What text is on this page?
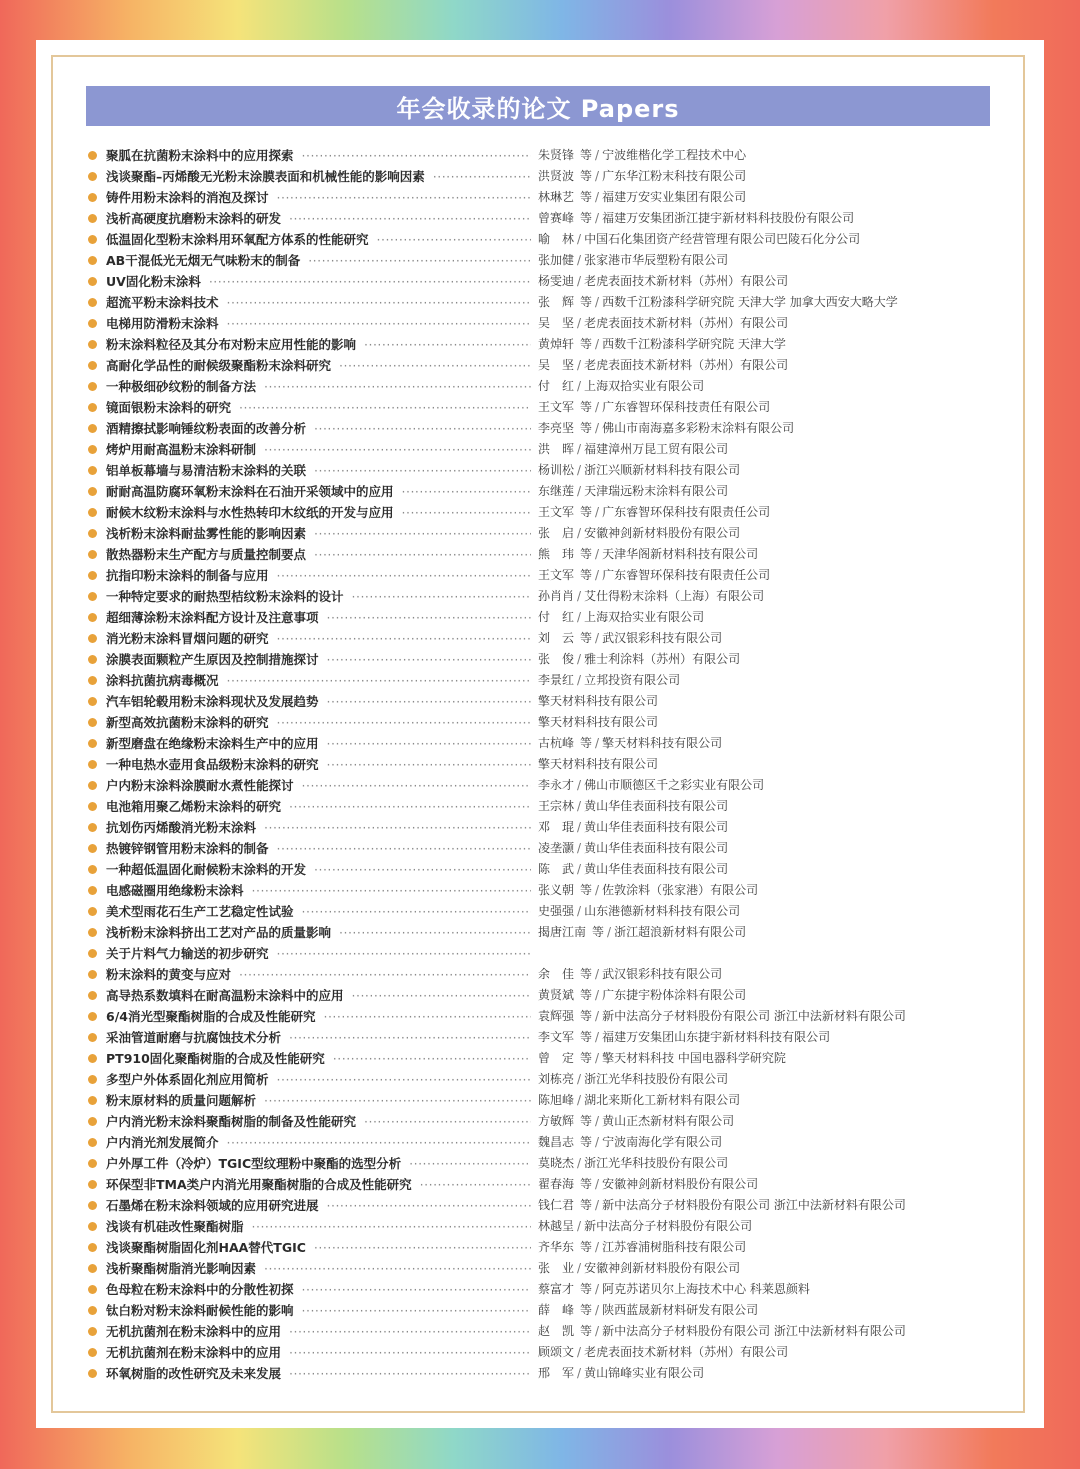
年会收录的论文 Papers
聚胍在抗菌粉末涂料中的应用探索 ·····	朱贤锋 等 / 宁波维楷化学工程技术中心
浅谈聚酯–丙烯酸无光粉末涂膜表面和机械性能的影响因素 ·····	洪贤波 等 / 广东华江粉末科技有限公司
铸件用粉末涂料的消泡及探讨 ·····	林琳艺 等 / 福建万安实业集团有限公司
浅析高硬度抗磨粉末涂料的研发 ·····	曾赛峰 等 / 福建万安集团浙江捷宇新材料科技股份有限公司
低温固化型粉末涂料用环氧配方体系的性能研究 ·····	喻　林 / 中国石化集团资产经营管理有限公司巴陵石化分公司
AB干混低光无烟无气味粉末的制备 ·····	张加健 / 张家港市华辰塑粉有限公司
UV固化粉末涂料 ·····	杨雯迪 / 老虎表面技术新材料（苏州）有限公司
超流平粉末涂料技术 ·····	张　辉 等 / 西数千江粉漆科学研究院 天津大学 加拿大西安大略大学
电梯用防滑粉末涂料 ·····	吴　坚 / 老虎表面技术新材料（苏州）有限公司
粉末涂料粒径及其分布对粉末应用性能的影响 ·····	黄焯轩 等 / 西数千江粉漆科学研究院 天津大学
高耐化学品性的耐候级聚酯粉末涂料研究 ·····	吴　坚 / 老虎表面技术新材料（苏州）有限公司
一种极细砂纹粉的制备方法 ·····	付　红 / 上海双拾实业有限公司
镜面银粉末涂料的研究 ·····	王文军 等 / 广东睿智环保科技责任有限公司
酒精擦拭影响锤纹粉表面的改善分析 ·····	李亮坚 等 / 佛山市南海嘉多彩粉末涂料有限公司
烤炉用耐高温粉末涂料研制 ·····	洪　晖 / 福建漳州万昆工贸有限公司
铝单板幕墙与易清洁粉末涂料的关联 ·····	杨训松 / 浙江兴顺新材料科技有限公司
耐耐高温防腐环氧粉末涂料在石油开采领域中的应用 ·····	东继莲 / 天津瑞远粉末涂料有限公司
耐候木纹粉末涂料与水性热转印木纹纸的开发与应用 ·····	王文军 等 / 广东睿智环保科技有限责任公司
浅析粉末涂料耐盐雾性能的影响因素 ·····	张　启 / 安徽神剑新材料股份有限公司
散热器粉末生产配方与质量控制要点 ·····	熊　玮 等 / 天津华阁新材料科技有限公司
抗指印粉末涂料的制备与应用 ·····	王文军 等 / 广东睿智环保科技有限责任公司
一种特定要求的耐热型桔纹粉末涂料的设计 ·····	孙肖肖 / 艾仕得粉末涂料（上海）有限公司
超细薄涂粉末涂料配方设计及注意事项 ·····	付　红 / 上海双拾实业有限公司
消光粉末涂料冒烟问题的研究 ·····	刘　云 等 / 武汉银彩科技有限公司
涂膜表面颗粒产生原因及控制措施探讨 ·····	张　俊 / 雅士利涂料（苏州）有限公司
涂料抗菌抗病毒概况 ·····	李景红 / 立邦投资有限公司
汽车铝轮毂用粉末涂料现状及发展趋势 ·····	擎天材料科技有限公司
新型高效抗菌粉末涂料的研究 ·····	擎天材料科技有限公司
新型磨盘在绝缘粉末涂料生产中的应用 ·····	古杭峰 等 / 擎天材料科技有限公司
一种电热水壶用食品级粉末涂料的研究 ·····	擎天材料科技有限公司
户内粉末涂料涂膜耐水煮性能探讨 ·····	李永才 / 佛山市顺德区千之彩实业有限公司
电池箱用聚乙烯粉末涂料的研究 ·····	王宗林 / 黄山华佳表面科技有限公司
抗划伤丙烯酸消光粉末涂料 ·····	邓　琨 / 黄山华佳表面科技有限公司
热镀锌钢管用粉末涂料的制备 ·····	凌垄灏 / 黄山华佳表面科技有限公司
一种超低温固化耐候粉末涂料的开发 ·····	陈　武 / 黄山华佳表面科技有限公司
电感磁圈用绝缘粉末涂料 ·····	张义朝 等 / 佐敦涂料（张家港）有限公司
美术型雨花石生产工艺稳定性试验 ·····	史强强 / 山东港德新材料科技有限公司
浅析粉末涂料挤出工艺对产品的质量影响 ·····	揭唐江南 等 / 浙江超浪新材料有限公司
关于片料气力输送的初步研究 ·····
粉末涂料的黄变与应对 ·····	余　佳 等 / 武汉银彩科技有限公司
高导热系数填料在耐高温粉末涂料中的应用 ·····	黄贤斌 等 / 广东捷宇粉体涂料有限公司
6/4消光型聚酯树脂的合成及性能研究 ·····	袁辉强 等 / 新中法高分子材料股份有限公司 浙江中法新材料有限公司
采油管道耐磨与抗腐蚀技术分析 ·····	李文军 等 / 福建万安集团山东捷宇新材料科技有限公司
PT910固化聚酯树脂的合成及性能研究 ·····	曾　定 等 / 擎天材料科技 中国电器科学研究院
多型户外体系固化剂应用简析 ·····	刘栋亮 / 浙江光华科技股份有限公司
粉末原材料的质量问题解析 ·····	陈旭峰 / 湖北来斯化工新材料有限公司
户内消光粉末涂料聚酯树脂的制备及性能研究 ·····	方敏辉 等 / 黄山正杰新材料有限公司
户内消光剂发展简介 ·····	魏昌志 等 / 宁波南海化学有限公司
户外厚工件（冷炉）TGIC型纹理粉中聚酯的选型分析 ·····	莫晓杰 / 浙江光华科技股份有限公司
环保型非TMA类户内消光用聚酯树脂的合成及性能研究 ·····	翟春海 等 / 安徽神剑新材料股份有限公司
石墨烯在粉末涂料领域的应用研究进展 ·····	钱仁君 等 / 新中法高分子材料股份有限公司 浙江中法新材料有限公司
浅谈有机硅改性聚酯树脂 ·····	林越呈 / 新中法高分子材料股份有限公司
浅谈聚酯树脂固化剂HAA替代TGIC ·····	齐华东 等 / 江苏睿浦树脂科技有限公司
浅析聚酯树脂消光影响因素 ·····	张　业 / 安徽神剑新材料股份有限公司
色母粒在粉末涂料中的分散性初探 ·····	蔡富才 等 / 阿克苏诺贝尔上海技术中心 科莱恩颜料
钛白粉对粉末涂料耐候性能的影响 ·····	薛　峰 等 / 陕西蓝晟新材料研发有限公司
无机抗菌剂在粉末涂料中的应用 ·····	赵　凯 等 / 新中法高分子材料股份有限公司 浙江中法新材料有限公司
无机抗菌剂在粉末涂料中的应用 ·····	顾颂文 / 老虎表面技术新材料（苏州）有限公司
环氧树脂的改性研究及未来发展 ·····	邢　军 / 黄山锦峰实业有限公司
